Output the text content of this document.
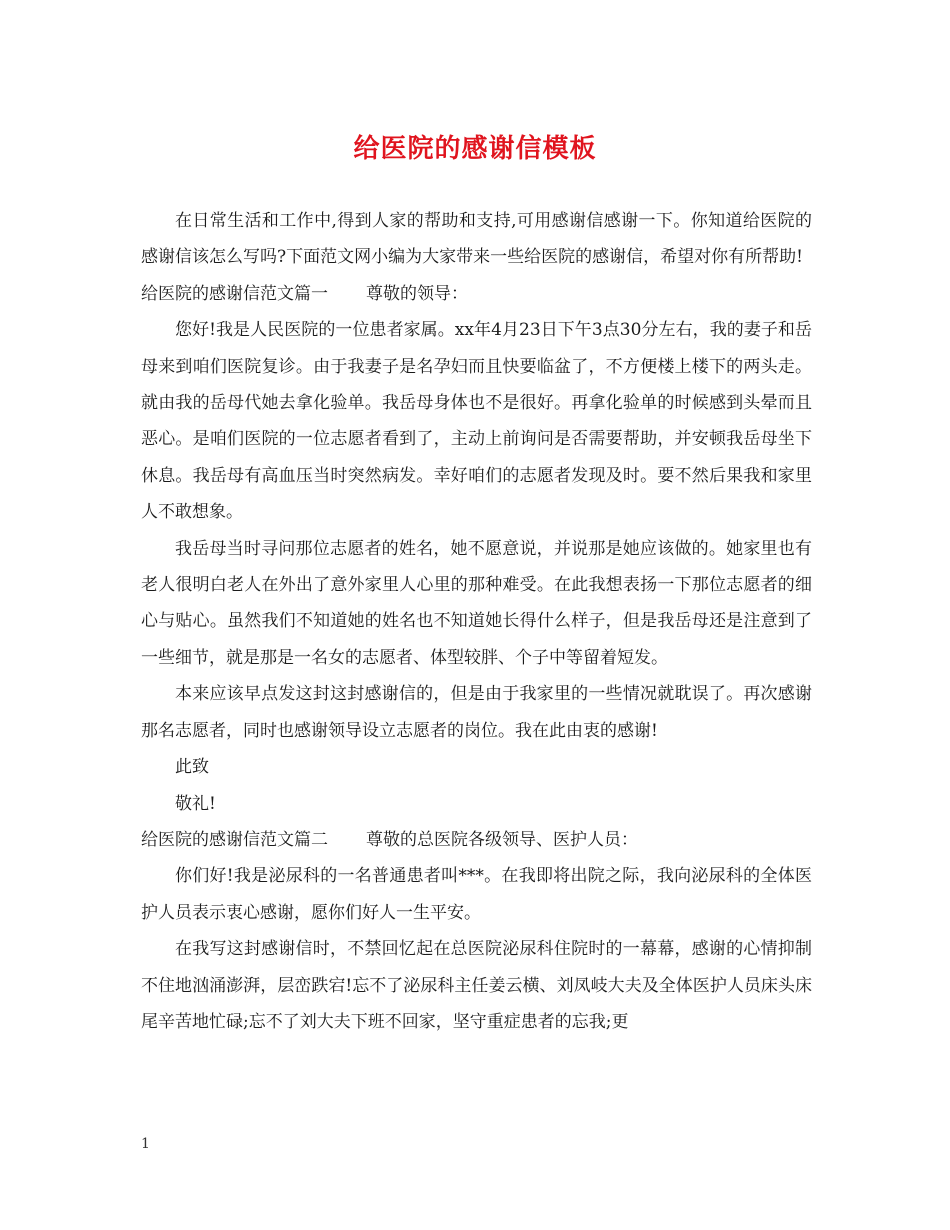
给医院的感谢信模板

在日常生活和工作中,得到人家的帮助和支持,可用感谢信感谢一下。你知道给医院的感谢信该怎么写吗?下面范文网小编为大家带来一些给医院的感谢信，希望对你有所帮助!

给医院的感谢信范文篇一 尊敬的领导：

您好!我是人民医院的一位患者家属。xx年4月23日下午3点30分左右，我的妻子和岳母来到咱们医院复诊。由于我妻子是名孕妇而且快要临盆了，不方便楼上楼下的两头走。就由我的岳母代她去拿化验单。我岳母身体也不是很好。再拿化验单的时候感到头晕而且恶心。是咱们医院的一位志愿者看到了，主动上前询问是否需要帮助，并安顿我岳母坐下休息。我岳母有高血压当时突然病发。幸好咱们的志愿者发现及时。要不然后果我和家里人不敢想象。

我岳母当时寻问那位志愿者的姓名，她不愿意说，并说那是她应该做的。她家里也有老人很明白老人在外出了意外家里人心里的那种难受。在此我想表扬一下那位志愿者的细心与贴心。虽然我们不知道她的姓名也不知道她长得什么样子，但是我岳母还是注意到了一些细节，就是那是一名女的志愿者、体型较胖、个子中等留着短发。

本来应该早点发这封这封感谢信的，但是由于我家里的一些情况就耽误了。再次感谢那名志愿者，同时也感谢领导设立志愿者的岗位。我在此由衷的感谢!

此致

敬礼!

给医院的感谢信范文篇二 尊敬的总医院各级领导、医护人员：

你们好!我是泌尿科的一名普通患者叫***。在我即将出院之际，我向泌尿科的全体医护人员表示衷心感谢，愿你们好人一生平安。

在我写这封感谢信时，不禁回忆起在总医院泌尿科住院时的一幕幕，感谢的心情抑制不住地汹涌澎湃，层峦跌宕!忘不了泌尿科主任姜云横、刘凤岐大夫及全体医护人员床头床尾辛苦地忙碌;忘不了刘大夫下班不回家，坚守重症患者的忘我;更

1
